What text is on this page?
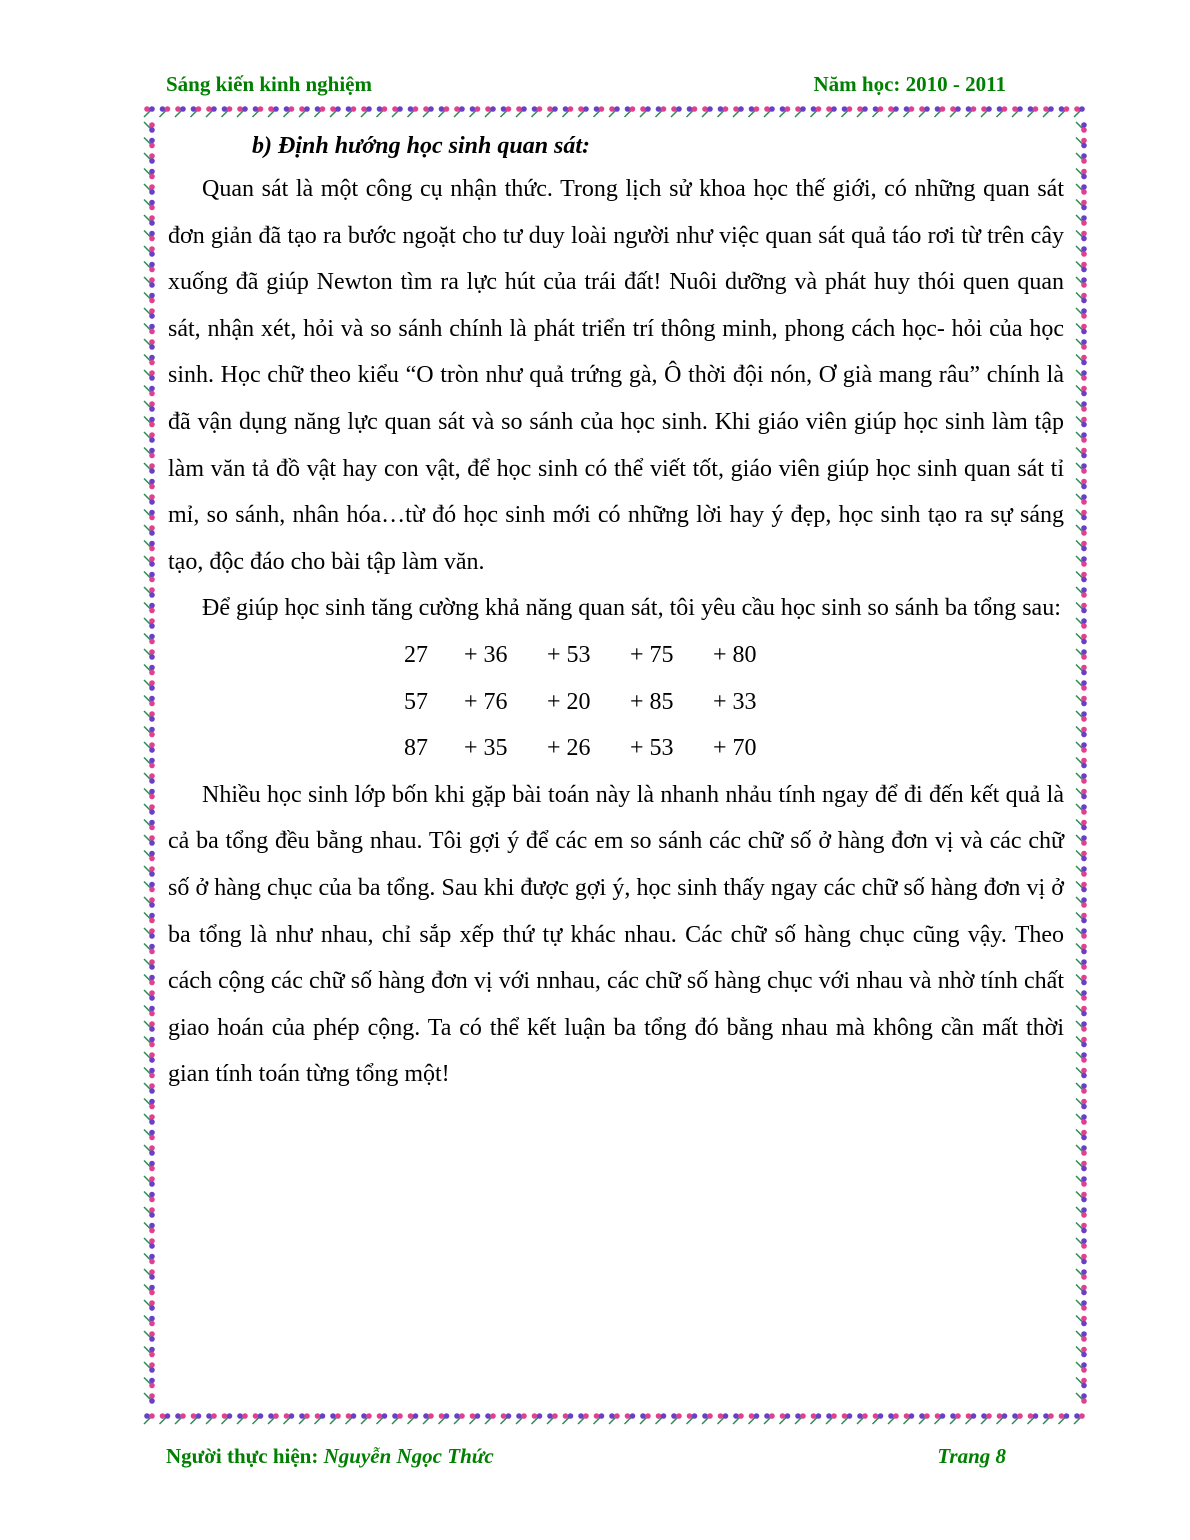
Sáng kiến kinh nghiệm	Năm học: 2010 - 2011

b) Định hướng học sinh quan sát:

Quan sát là một công cụ nhận thức. Trong lịch sử khoa học thế giới, có những quan sát đơn giản đã tạo ra bước ngoặt cho tư duy loài người như việc quan sát quả táo rơi từ trên cây xuống đã giúp Newton tìm ra lực hút của trái đất! Nuôi dưỡng và phát huy thói quen quan sát, nhận xét, hỏi và so sánh chính là phát triển trí thông minh, phong cách học- hỏi của học sinh. Học chữ theo kiểu “O tròn như quả trứng gà, Ô thời đội nón, Ơ già mang râu” chính là đã vận dụng năng lực quan sát và so sánh của học sinh. Khi giáo viên giúp học sinh làm tập làm văn tả đồ vật hay con vật, để học sinh có thể viết tốt, giáo viên giúp học sinh quan sát tỉ mỉ, so sánh, nhân hóa…từ đó học sinh mới có những lời hay ý đẹp, học sinh tạo ra sự sáng tạo, độc đáo cho bài tập làm văn.

Để giúp học sinh tăng cường khả năng quan sát, tôi yêu cầu học sinh so sánh ba tổng sau:

27	+ 36	+ 53	+ 75	+ 80
57	+ 76	+ 20	+ 85	+ 33
87	+ 35	+ 26	+ 53	+ 70

Nhiều học sinh lớp bốn khi gặp bài toán này là nhanh nhảu tính ngay để đi đến kết quả là cả ba tổng đều bằng nhau. Tôi gợi ý để các em so sánh các chữ số ở hàng đơn vị và các chữ số ở hàng chục của ba tổng. Sau khi được gợi ý, học sinh thấy ngay các chữ số hàng đơn vị ở ba tổng là như nhau, chỉ sắp xếp thứ tự khác nhau. Các chữ số hàng chục cũng vậy. Theo cách cộng các chữ số hàng đơn vị với nnhau, các chữ số hàng chục với nhau và nhờ tính chất giao hoán của phép cộng. Ta có thể kết luận ba tổng đó bằng nhau mà không cần mất thời gian tính toán từng tổng một!

Người thực hiện: Nguyễn Ngọc Thức	Trang 8
